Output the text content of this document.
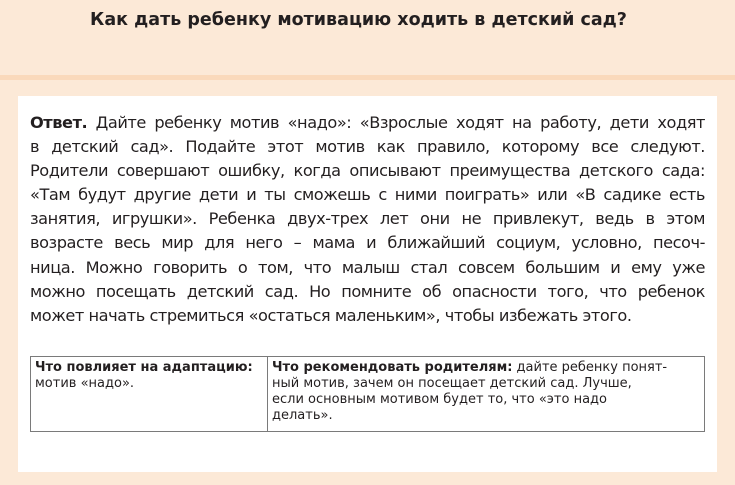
Как дать ребенку мотивацию ходить в детский сад?

Ответ. Дайте ребенку мотив «надо»: «Взрослые ходят на работу, дети ходят
в детский сад». Подайте этот мотив как правило, которому все следуют.
Родители совершают ошибку, когда описывают преимущества детского сада:
«Там будут другие дети и ты сможешь с ними поиграть» или «В садике есть
занятия, игрушки». Ребенка двух-трех лет они не привлекут, ведь в этом
возрасте весь мир для него – мама и ближайший социум, условно, песоч-
ница. Можно говорить о том, что малыш стал совсем большим и ему уже
можно посещать детский сад. Но помните об опасности того, что ребенок
может начать стремиться «остаться маленьким», чтобы избежать этого.

Что повлияет на адаптацию:
мотив «надо».

Что рекомендовать родителям: дайте ребенку понят-
ный мотив, зачем он посещает детский сад. Лучше,
если основным мотивом будет то, что «это надо
делать».
